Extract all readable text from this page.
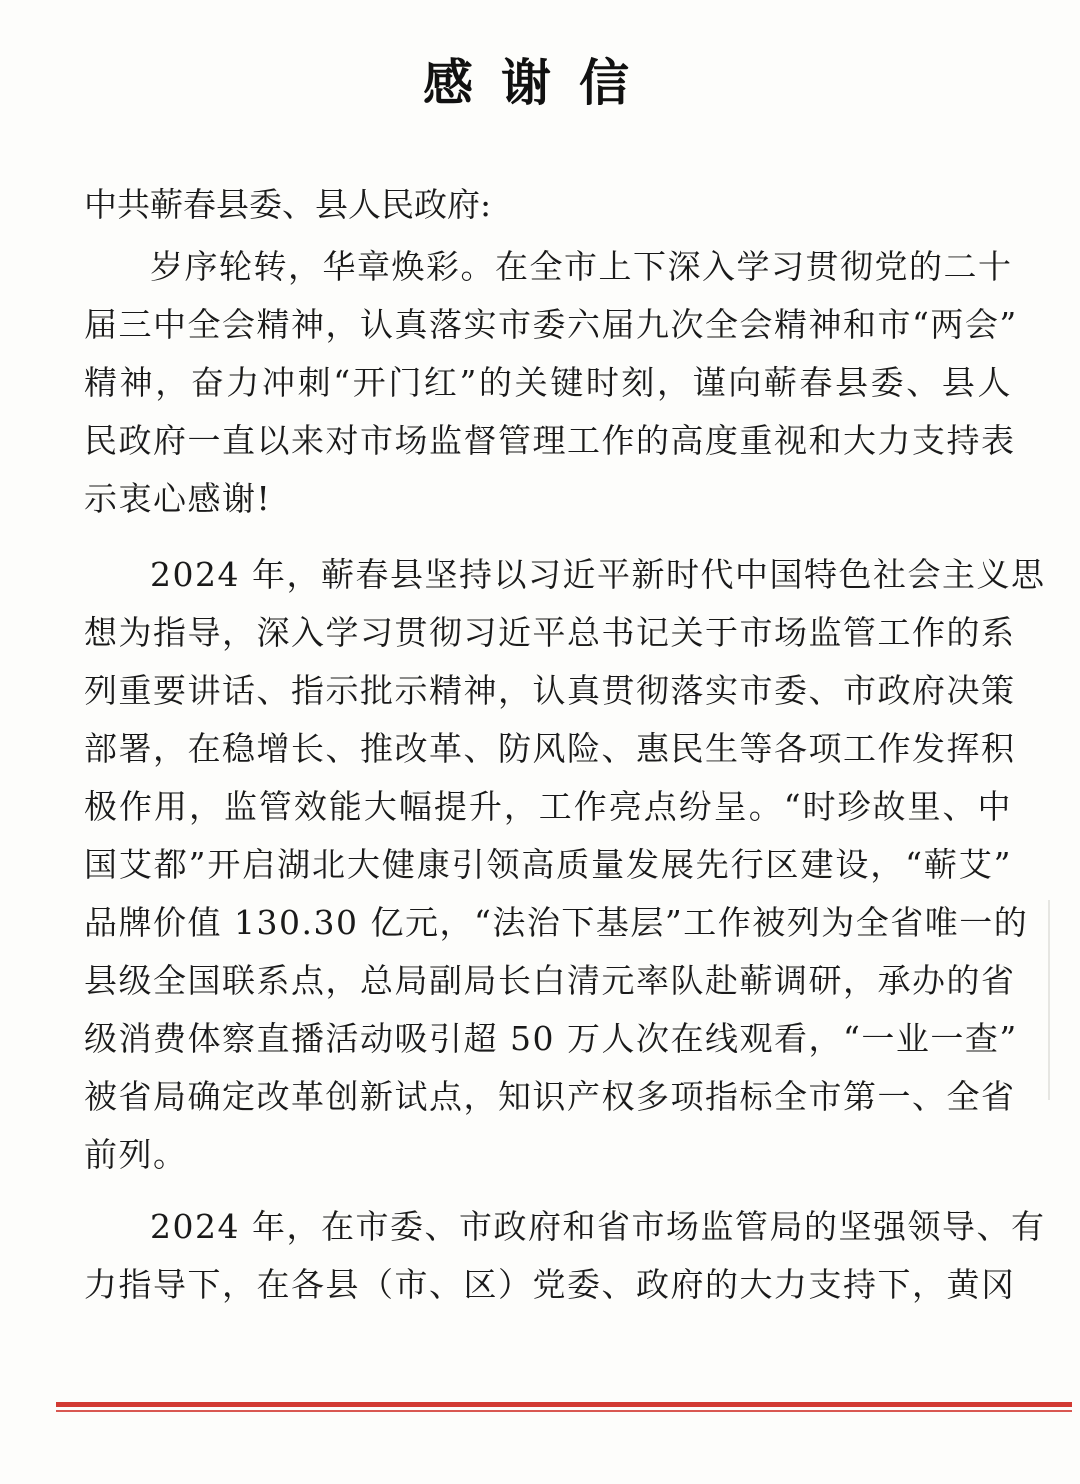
感谢信
中共蕲春县委、县人民政府:
岁序轮转，华章焕彩。在全市上下深入学习贯彻党的二十
届三中全会精神，认真落实市委六届九次全会精神和市“两会”
精神，奋力冲刺“开门红”的关键时刻，谨向蕲春县委、县人
民政府一直以来对市场监督管理工作的高度重视和大力支持表
示衷心感谢!
2024 年，蕲春县坚持以习近平新时代中国特色社会主义思
想为指导，深入学习贯彻习近平总书记关于市场监管工作的系
列重要讲话、指示批示精神，认真贯彻落实市委、市政府决策
部署，在稳增长、推改革、防风险、惠民生等各项工作发挥积
极作用，监管效能大幅提升，工作亮点纷呈。“时珍故里、中
国艾都”开启湖北大健康引领高质量发展先行区建设，“蕲艾”
品牌价值 130.30 亿元，“法治下基层”工作被列为全省唯一的
县级全国联系点，总局副局长白清元率队赴蕲调研，承办的省
级消费体察直播活动吸引超 50 万人次在线观看，“一业一查”
被省局确定改革创新试点，知识产权多项指标全市第一、全省
前列。
2024 年，在市委、市政府和省市场监管局的坚强领导、有
力指导下，在各县（市、区）党委、政府的大力支持下，黄冈
